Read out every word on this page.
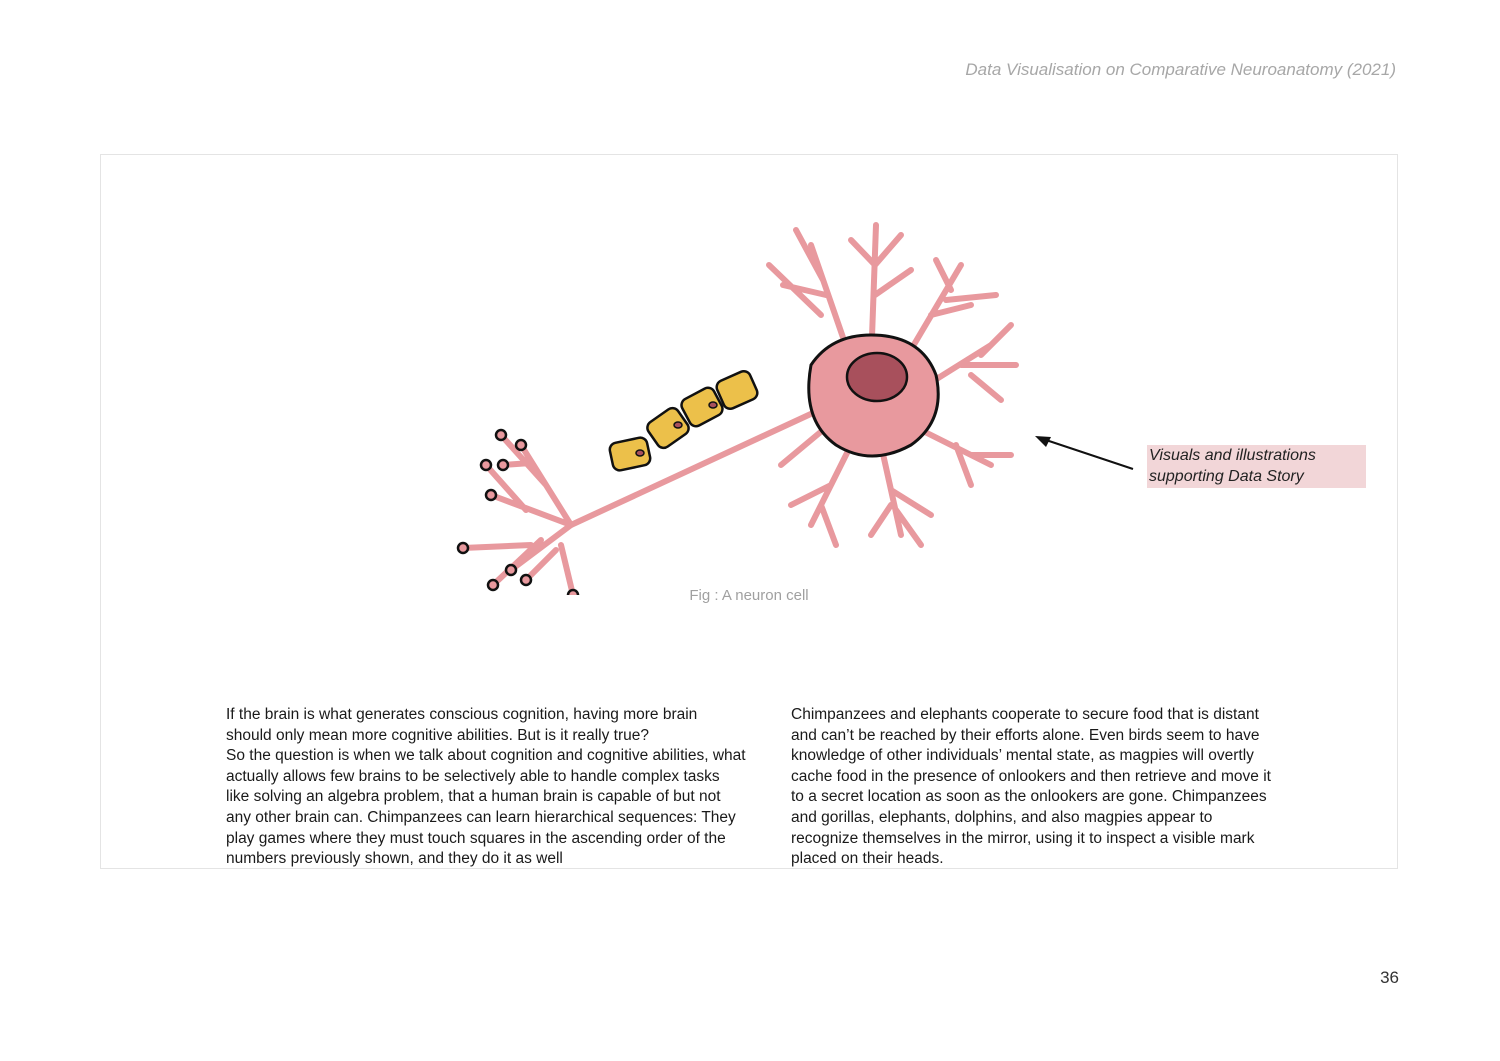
Data Visualisation on Comparative Neuroanatomy (2021)
Visuals and illustrations
supporting Data Story
Fig : A neuron cell

If the brain is what generates conscious cognition, having more brain should only mean more cognitive abilities. But is it really true?

So the question is when we talk about cognition and cognitive abilities, what actually allows few brains to be selectively able to handle complex tasks like solving an algebra problem, that a human brain is capable of but not any other brain can. Chimpanzees can learn hierarchical sequences: They play games where they must touch squares in the ascending order of the numbers previously shown, and they do it as well

Chimpanzees and elephants cooperate to secure food that is distant and can’t be reached by their efforts alone. Even birds seem to have knowledge of other individuals’ mental state, as magpies will overtly cache food in the presence of onlookers and then retrieve and move it to a secret location as soon as the onlookers are gone. Chimpanzees and gorillas, elephants, dolphins, and also magpies appear to recognize themselves in the mirror, using it to inspect a visible mark placed on their heads.

36
